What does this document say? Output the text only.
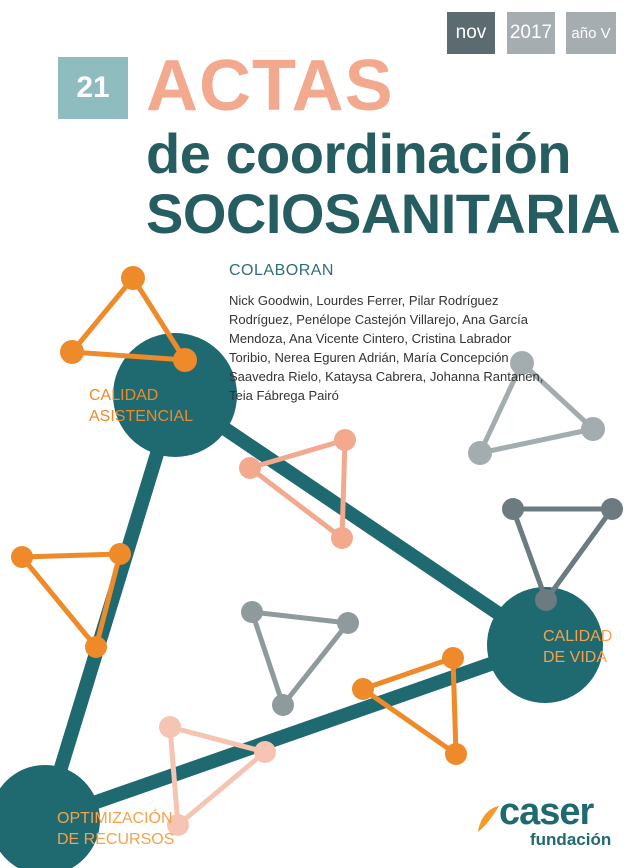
nov	2017	año V
21 ACTAS
de coordinación
SOCIOSANITARIA
COLABORAN
Nick Goodwin, Lourdes Ferrer, Pilar Rodríguez Rodríguez, Penélope Castejón Villarejo, Ana García Mendoza, Ana Vicente Cintero, Cristina Labrador Toribio, Nerea Eguren Adrián, María Concepción Saavedra Rielo, Kataysa Cabrera, Johanna Rantanen, Teia Fábrega Pairó
CALIDAD
ASISTENCIAL
CALIDAD
DE VIDA
OPTIMIZACIÓN
DE RECURSOS
caser
fundación
